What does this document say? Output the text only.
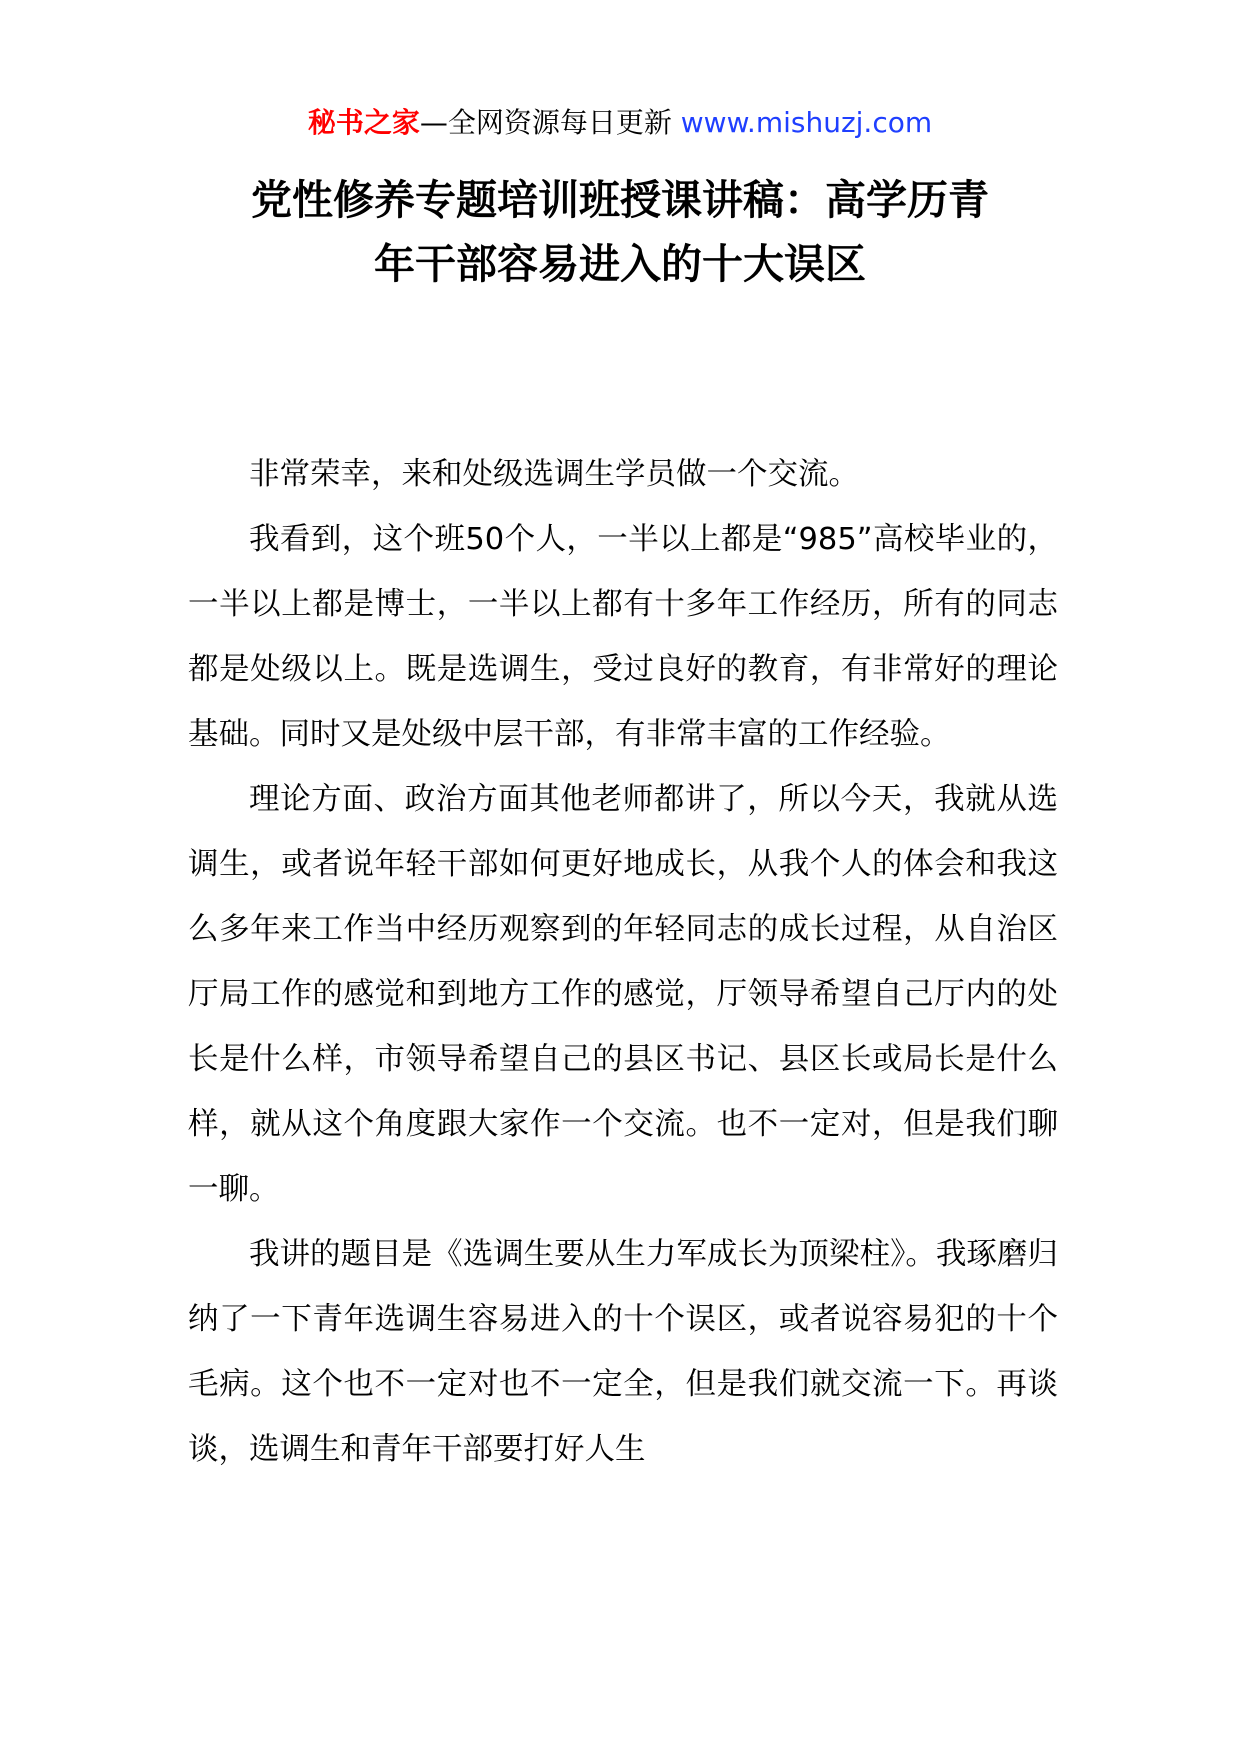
秘书之家—全网资源每日更新 www.mishuzj.com
党性修养专题培训班授课讲稿：高学历青
年干部容易进入的十大误区

非常荣幸，来和处级选调生学员做一个交流。

我看到，这个班50个人，一半以上都是“985”高校毕业的，一半以上都是博士，一半以上都有十多年工作经历，所有的同志都是处级以上。既是选调生，受过良好的教育，有非常好的理论基础。同时又是处级中层干部，有非常丰富的工作经验。

理论方面、政治方面其他老师都讲了，所以今天，我就从选调生，或者说年轻干部如何更好地成长，从我个人的体会和我这么多年来工作当中经历观察到的年轻同志的成长过程，从自治区厅局工作的感觉和到地方工作的感觉，厅领导希望自己厅内的处长是什么样，市领导希望自己的县区书记、县区长或局长是什么样，就从这个角度跟大家作一个交流。也不一定对，但是我们聊一聊。

我讲的题目是《选调生要从生力军成长为顶梁柱》。我琢磨归纳了一下青年选调生容易进入的十个误区，或者说容易犯的十个毛病。这个也不一定对也不一定全，但是我们就交流一下。再谈谈，选调生和青年干部要打好人生
